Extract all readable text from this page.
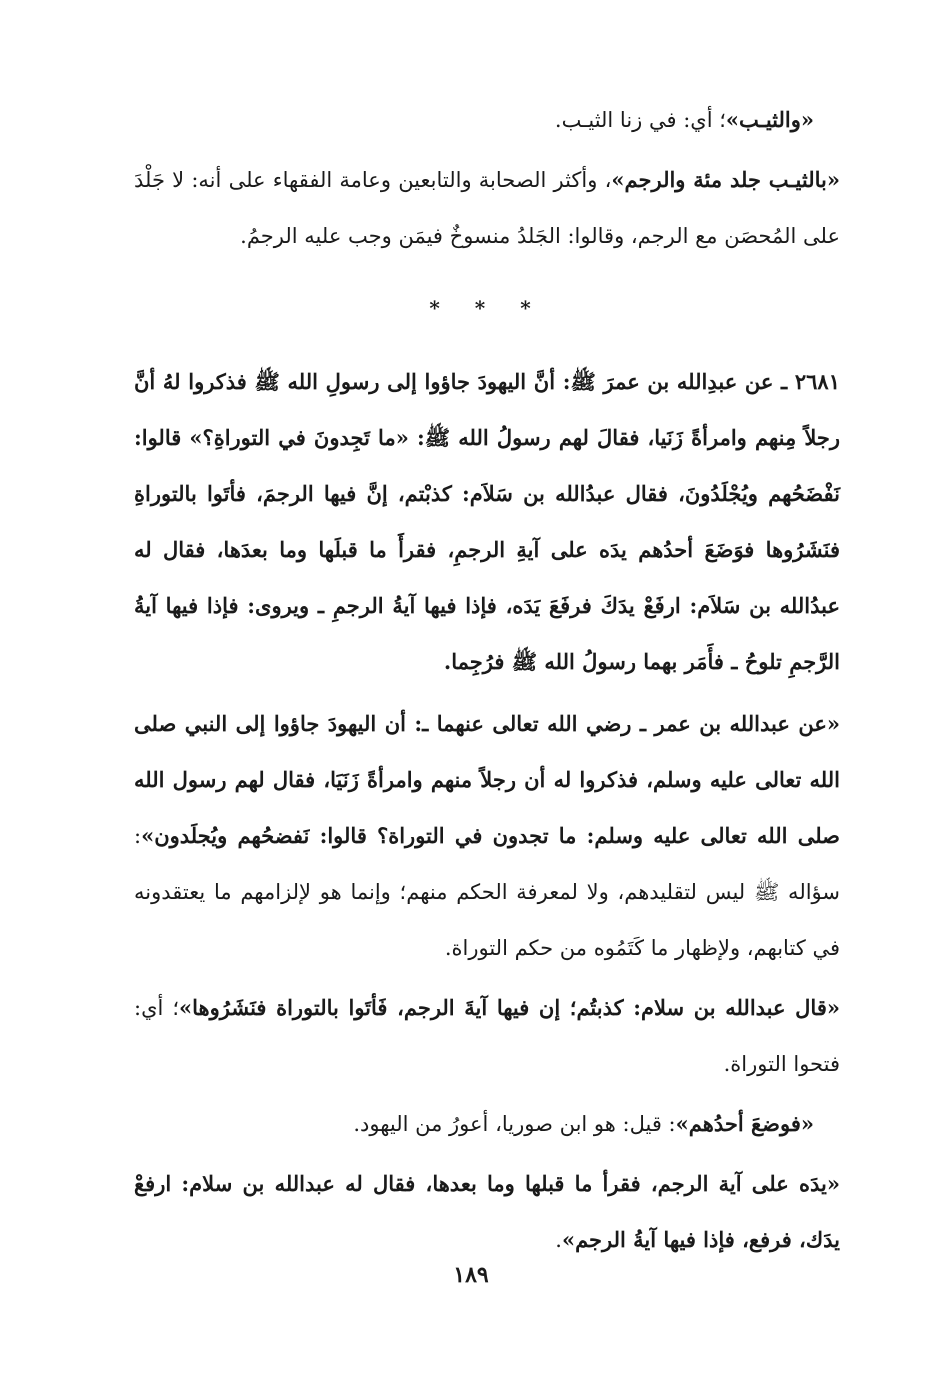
«والثيـب»؛ أي: في زنا الثيـب.

«بالثيـب جلد مئة والرجم»، وأكثر الصحابة والتابعين وعامة الفقهاء على أنه: لا جَلْدَ على المُحصَن مع الرجم، وقالوا: الجَلدُ منسوخٌ فيمَن وجب عليه الرجمُ.

* * *

٢٦٨١ ـ عن عبدِالله بن عمرَ ﷺ: أنَّ اليهودَ جاؤوا إلى رسولِ الله ﷺ فذكروا لهُ أنَّ رجلاً مِنهم وامرأةً زَنَيا، فقالَ لهم رسولُ الله ﷺ: «ما تَجِدونَ في التوراةِ؟» قالوا: نَفْضَحُهم ويُجْلَدُونَ، فقال عبدُالله بن سَلاَم: كذبْتم، إنَّ فيها الرجمَ، فأتَوا بالتوراةِ فنَشَرُوها فوَضَعَ أحدُهم يدَه على آيةِ الرجمِ، فقرأَ ما قبلَها وما بعدَها، فقال له عبدُالله بن سَلاَم: ارفَعْ يدَكَ فرفَعَ يَدَه، فإذا فيها آيةُ الرجمِ ـ ويروى: فإذا فيها آيةُ الرَّجمِ تلوحُ ـ فأَمَر بهما رسولُ الله ﷺ فرُجِما.

«عن عبدالله بن عمر ـ رضي الله تعالى عنهما ـ: أن اليهودَ جاؤوا إلى النبي صلى الله تعالى عليه وسلم، فذكروا له أن رجلاً منهم وامرأةً زَنَيَا، فقال لهم رسول الله صلى الله تعالى عليه وسلم: ما تجدون في التوراة؟ قالوا: نَفضحُهم ويُجلَدون»: سؤاله ﷺ ليس لتقليدهم، ولا لمعرفة الحكم منهم؛ وإنما هو لإلزامهم ما يعتقدونه في كتابهم، ولإظهار ما كَتَمُوه من حكم التوراة.

«قال عبدالله بن سلام: كذبتُم؛ إن فيها آيةَ الرجم، فَأتَوا بالتوراة فنَشَرُوها»؛ أي: فتحوا التوراة.

«فوضعَ أحدُهم»: قيل: هو ابن صوريا، أعورُ من اليهود.

«يدَه على آية الرجم، فقرأ ما قبلها وما بعدها، فقال له عبدالله بن سلام: ارفعْ يدَك، فرفع، فإذا فيها آيةُ الرجم».

١٨٩
